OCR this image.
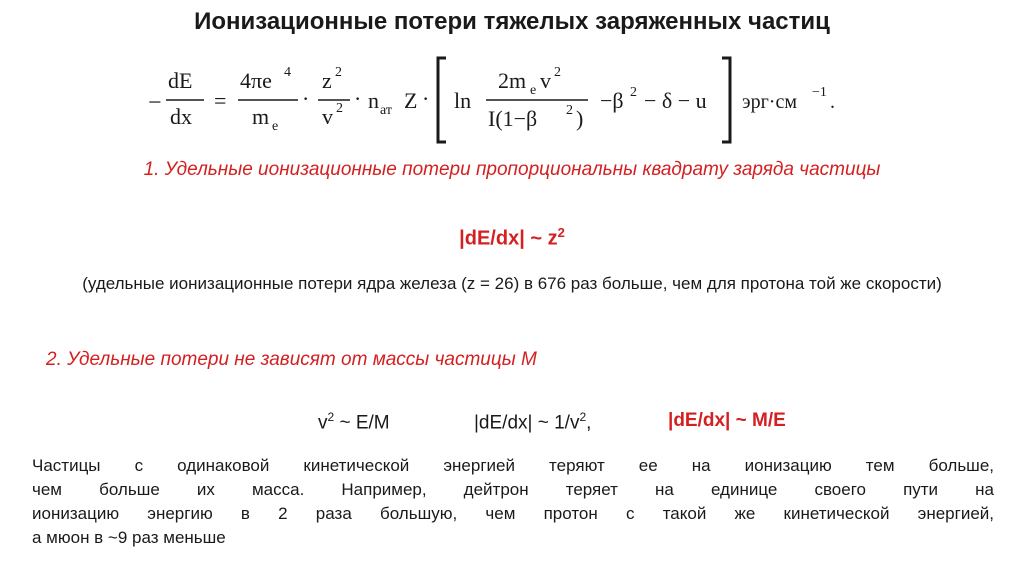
Ионизационные потери тяжелых заряженных частиц
−
dE
dx
=
4πe 4
m e
·
z 2
v 2 · n ат Z · ln
2m e v 2
I(1−β 2 )
−β 2 − δ − u эрг·см −1 .
1. Удельные ионизационные потери пропорциональны квадрату заряда частицы
|dE/dx| ~ $z^2$
(удельные ионизационные потери ядра железа (z = 26) в 676 раз больше, чем для протона той же скорости)
2. Удельные потери не зависят от массы частицы M
$v^2$ ~ E/M	|dE/dx| ~ $1/v^2$,	|dE/dx| ~ M/E
Частицы с одинаковой кинетической энергией теряют ее на ионизацию тем больше,
чем больше их масса. Например, дейтрон теряет на единице своего пути на
ионизацию энергию в 2 раза большую, чем протон с такой же кинетической энергией,
а мюон в ~9 раз меньше
